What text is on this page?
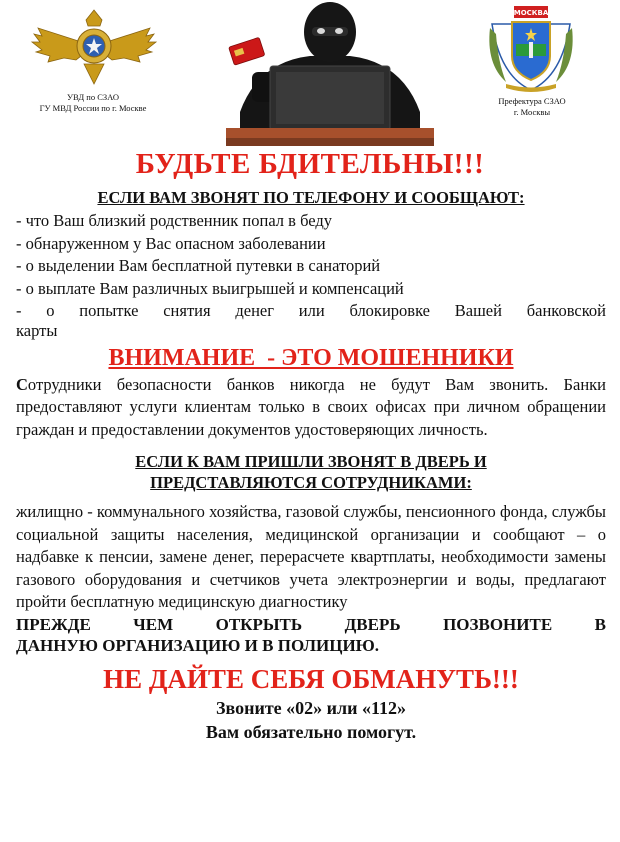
УВД по СЗАО
ГУ МВД России по г. Москве
МОСКВА
Префектура СЗАО
г. Москвы
БУДЬТЕ БДИТЕЛЬНЫ!!!

ЕСЛИ ВАМ ЗВОНЯТ ПО ТЕЛЕФОНУ И СООБЩАЮТ:

- что Ваш близкий родственник попал в беду
- обнаруженном у Вас опасном заболевании
- о выделении Вам бесплатной путевки в санаторий
- о выплате Вам различных выигрышей и компенсаций
- о попытке снятия денег или блокировке Вашей банковской
карты

ВНИМАНИЕ  - ЭТО МОШЕННИКИ

Сотрудники безопасности банков никогда не будут Вам звонить. Банки предоставляют услуги клиентам только в своих офисах при личном обращении граждан и предоставлении документов удостоверяющих личность.

ЕСЛИ К ВАМ ПРИШЛИ ЗВОНЯТ В ДВЕРЬ И
ПРЕДСТАВЛЯЮТСЯ СОТРУДНИКАМИ:

жилищно - коммунального хозяйства, газовой службы, пенсионного фонда, службы социальной защиты населения, медицинской организации и сообщают – о надбавке к пенсии, замене денег, перерасчете квартплаты, необходимости замены газового оборудования и счетчиков учета электроэнергии и воды, предлагают пройти бесплатную медицинскую диагностику

ПРЕЖДЕ ЧЕМ ОТКРЫТЬ ДВЕРЬ ПОЗВОНИТЕ В
ДАННУЮ ОРГАНИЗАЦИЮ И В ПОЛИЦИЮ.

НЕ ДАЙТЕ СЕБЯ ОБМАНУТЬ!!!

Звоните «02» или «112»

Вам обязательно помогут.
